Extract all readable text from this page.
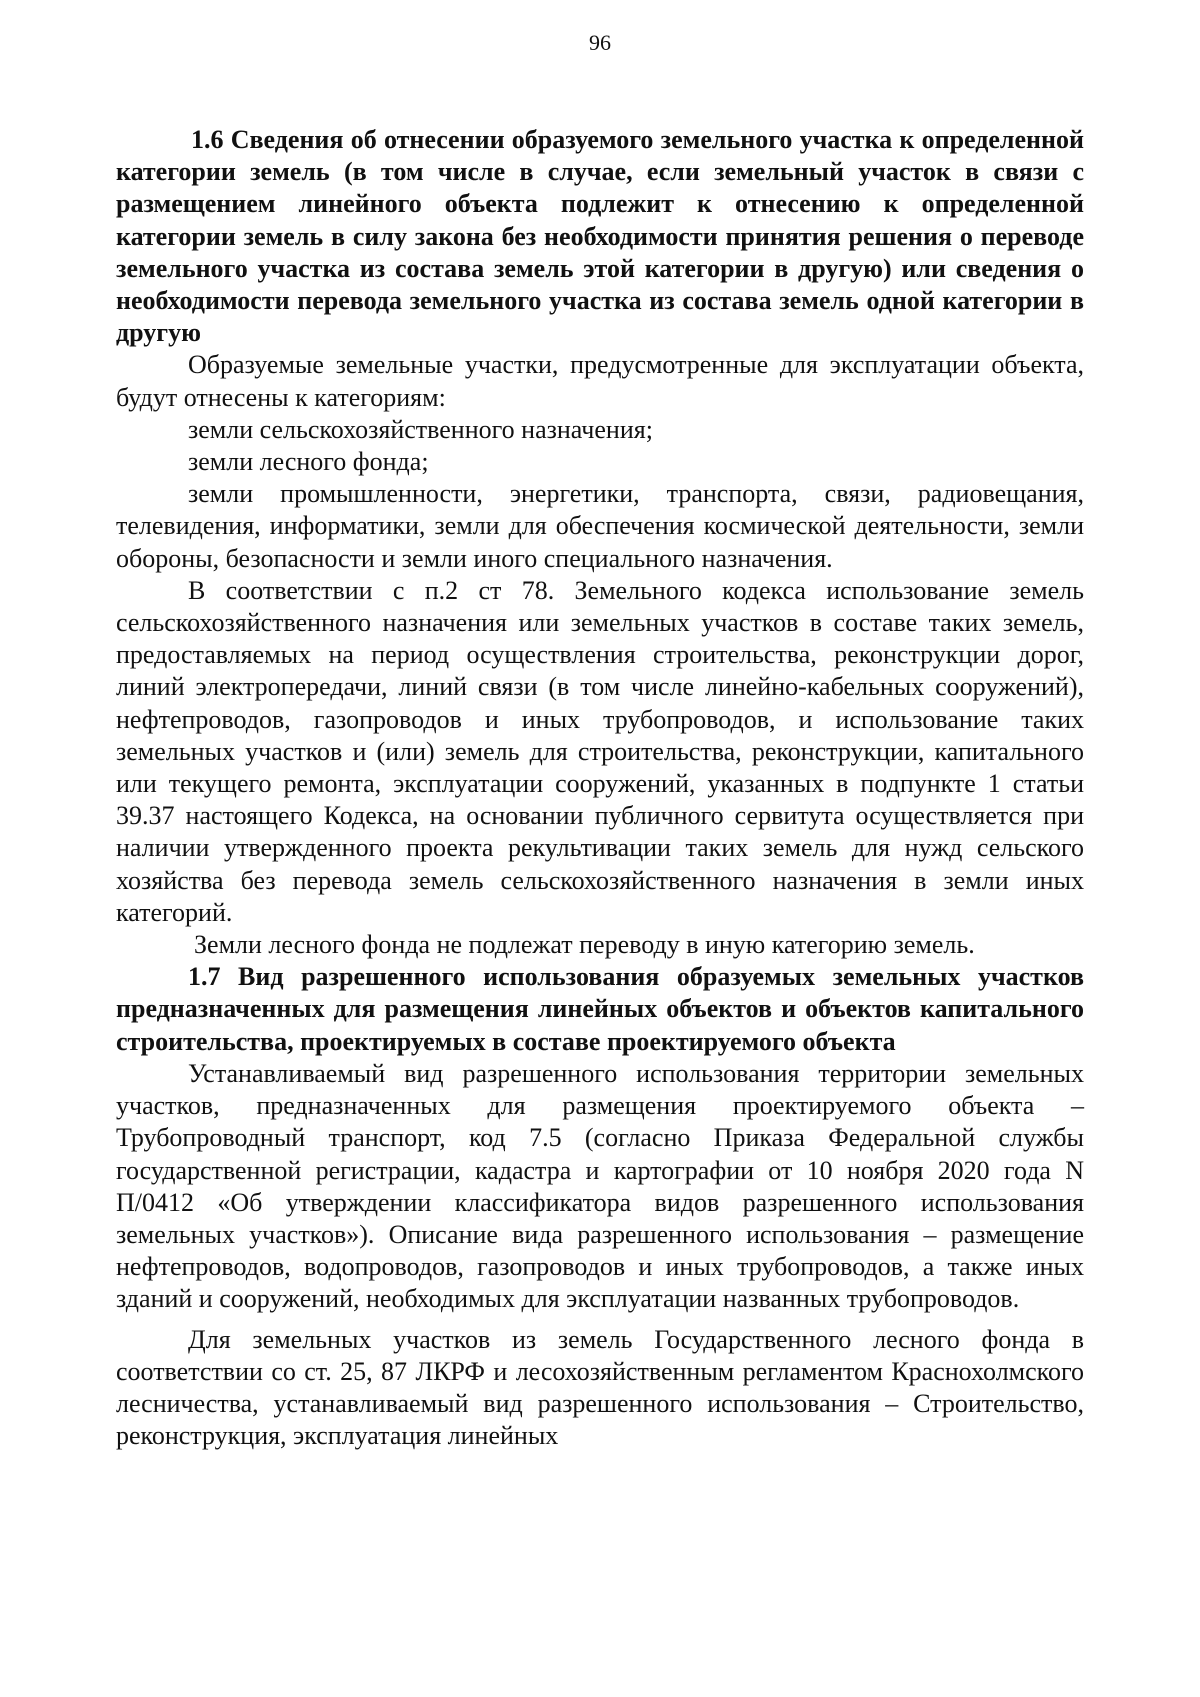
96

1.6 Сведения об отнесении образуемого земельного участка к определенной категории земель (в том числе в случае, если земельный участок в связи с размещением линейного объекта подлежит к отнесению к определенной категории земель в силу закона без необходимости принятия решения о переводе земельного участка из состава земель этой категории в другую) или сведения о необходимости перевода земельного участка из состава земель одной категории в другую

Образуемые земельные участки, предусмотренные для эксплуатации объекта, будут отнесены к категориям:

земли сельскохозяйственного назначения;

земли лесного фонда;

земли промышленности, энергетики, транспорта, связи, радиовещания, телевидения, информатики, земли для обеспечения космической деятельности, земли обороны, безопасности и земли иного специального назначения.

В соответствии с п.2 ст 78. Земельного кодекса использование земель сельскохозяйственного назначения или земельных участков в составе таких земель, предоставляемых на период осуществления строительства, реконструкции дорог, линий электропередачи, линий связи (в том числе линейно-кабельных сооружений), нефтепроводов, газопроводов и иных трубопроводов, и использование таких земельных участков и (или) земель для строительства, реконструкции, капитального или текущего ремонта, эксплуатации сооружений, указанных в подпункте 1 статьи 39.37 настоящего Кодекса, на основании публичного сервитута осуществляется при наличии утвержденного проекта рекультивации таких земель для нужд сельского хозяйства без перевода земель сельскохозяйственного назначения в земли иных категорий.

Земли лесного фонда не подлежат переводу в иную категорию земель.

1.7 Вид разрешенного использования образуемых земельных участков предназначенных для размещения линейных объектов и объектов капитального строительства, проектируемых в составе проектируемого объекта

Устанавливаемый вид разрешенного использования территории земельных участков, предназначенных для размещения проектируемого объекта – Трубопроводный транспорт, код 7.5 (согласно Приказа Федеральной службы государственной регистрации, кадастра и картографии от 10 ноября 2020 года N П/0412 «Об утверждении классификатора видов разрешенного использования земельных участков»). Описание вида разрешенного использования – размещение нефтепроводов, водопроводов, газопроводов и иных трубопроводов, а также иных зданий и сооружений, необходимых для эксплуатации названных трубопроводов.

Для земельных участков из земель Государственного лесного фонда в соответствии со ст. 25, 87 ЛКРФ и лесохозяйственным регламентом Краснохолмского лесничества, устанавливаемый вид разрешенного использования – Строительство, реконструкция, эксплуатация линейных
